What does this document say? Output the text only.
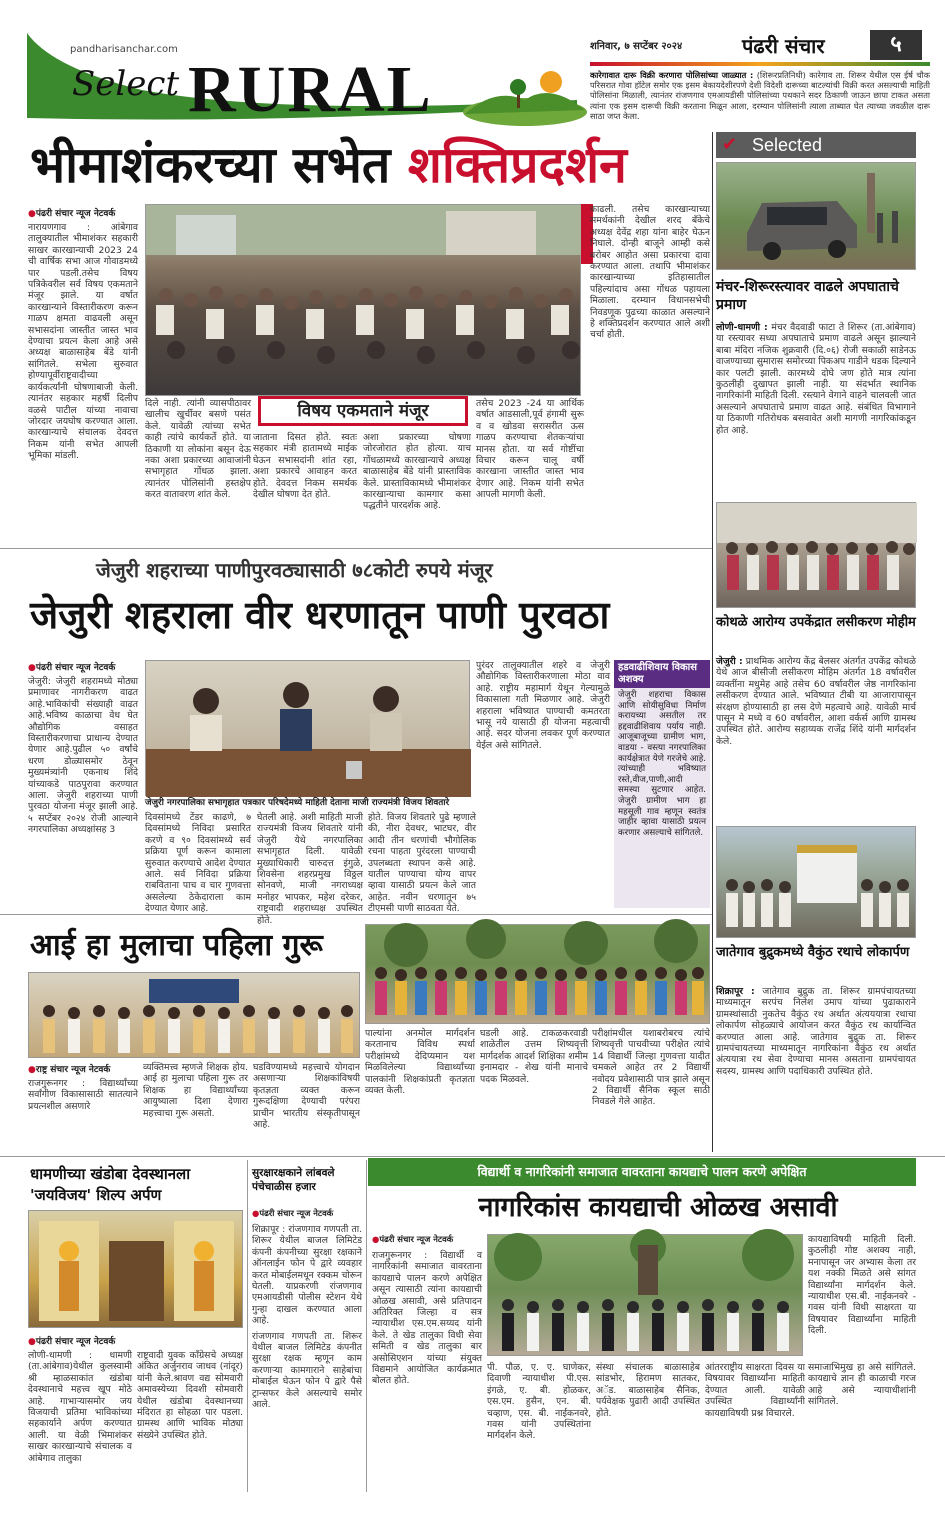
pandharisanchar.com
Select RURAL
शनिवार, ७ सप्टेंबर २०२४	पंढरी संचार	५
कारेगावात दारू विक्री करणारा पोलिसांच्या जाळ्यात : (शिरूरप्रतिनिधी) कारेगाव ता. शिरूर येथील एस ईर्ष चौक परिसरात गोवा हॉटेल समोर एक इसम बेकायदेशीरपणे देशी विदेशी दारूच्या बाटल्यांची विक्री करत असल्याची माहिती पोलिसांना मिळाली, त्यानंतर रांजणगाव एमआयडीसी पोलिसांच्या पथकाने सदर ठिकाणी जाऊन छापा टाकत असता त्यांना एक इसम दारूची विक्री करताना मिळून आला, दरम्यान पोलिसांनी त्याला ताब्यात घेत त्याच्या जवळील दारू साठा जप्त केला.
भीमाशंकरच्या सभेत शक्तिप्रदर्शन
● पंढरी संचार न्यूज नेटवर्क
नारायणगाव : आंबेगाव तालुक्यातील भीमाशंकर सहकारी साखर कारखान्याची 2023 24 ची वार्षिक सभा आज गोवाडमध्ये पार पडली.तसेच विषय पत्रिकेवरील सर्व विषय एकमताने मंजूर झाले. या वर्षात कारखान्याने विस्तारीकरण करून गाळप क्षमता वाढवली असून सभासदांना जास्तीत जास्त भाव देण्याचा प्रयत्न केला आहे असे अध्यक्ष बाळासाहेब बेंडे यांनी सांगितले. सभेला सुरुवात होण्यापूर्वीराष्ट्रवादीच्या कार्यकर्त्यांनी घोषणाबाजी केली. त्यानंतर सहकार महर्षी दिलीप वळसे पाटील यांच्या नावाचा जोरदार जयघोष करण्यात आला. कारखान्याचे संचालक देवदत्त निकम यांनी सभेत आपली भूमिका मांडली.
विषय एकमताने मंजूर
दिले नाही. त्यांनी व्यासपीठावर खालीच खुर्चीवर बसणे पसंत केले. यावेळी त्यांच्या सभेत काही त्यांचे कार्यकर्ते होते. या ठिकाणी या लोकांना बसून देऊ नका अशा प्रकारच्या आवाजांनी सभागृहात गोंधळ झाला. त्यानंतर पोलिसांनी हस्तक्षेप करत वातावरण शांत केले.
जाताना दिसत होते. स्वतः सहकार मंत्री हातामध्ये माईक घेऊन सभासदांनी शांत रहा, अशा प्रकारचे आवाहन करत होते. देवदत्त निकम समर्थक देखील घोषणा देत होते.
अशा प्रकारच्या घोषणा जोरजोरात होत होत्या. याच गोंधळामध्ये कारखान्याचे अध्यक्ष बाळासाहेब बेंडे यांनी प्रास्ताविक केले. प्रास्ताविकामध्ये भीमाशंकर कारखान्याचा कामगार कसा पद्धतीने पारदर्शक आहे.
तसेच 2023 -24 या आर्थिक वर्षात आडसाली,पूर्व हंगामी सुरू व व खोडवा सरासरीत ऊस गाळप करण्याचा शेतकऱ्यांचा मानस होता. या सर्व गोष्टींचा विचार करून चालू वर्षी कारखाना जास्तीत जास्त भाव देणार आहे. निकम यांनी सभेत आपली मागणी केली.
काढली. तसेच कारखान्याच्या समर्थकांनी देखील शरद बँकेचे अध्यक्ष देवेंद्र शहा यांना बाहेर घेऊन निघाले. दोन्ही बाजूने आम्ही कसे बरोबर आहोत असा प्रकारचा दावा करण्यात आला. तथापि भीमाशंकर कारखान्याच्या इतिहासातील पहिल्यांदाच असा गोंधळ पहायला मिळाला. दरम्यान विधानसभेची निवडणूक पुढच्या काळात असल्याने हे शक्तिप्रदर्शन करण्यात आले अशी चर्चा होती.
✔ Selected
मंचर-शिरूरस्त्यावर वाढले अपघाताचे प्रमाण
लोणी-धामणी : मंचर वैदवाडी फाटा ते शिरूर (ता.आंबेगाव) या रस्त्यावर सध्या अपघाताचे प्रमाण वाढले असून झाल्याने बाबा मंदिरा नजिक शुक्रवारी (दि.०६) रोजी सकाळी साडेनऊ वाजण्याच्या सुमारास समोरच्या पिकअप गाडीने धडक दिल्याने कार पलटी झाली. कारमध्ये दोघे जण होते मात्र त्यांना कुठलीही दुखापत झाली नाही. या संदर्भात स्थानिक नागरिकांनी माहिती दिली. रस्त्याने वेगाने वाहने चालवली जात असल्याने अपघाताचे प्रमाण वाढत आहे. संबंधित विभागाने या ठिकाणी गतिरोधक बसवावेत अशी मागणी नागरिकांकडून होत आहे.
कोथळे आरोग्य उपकेंद्रात लसीकरण मोहीम
जेजुरी : प्राथमिक आरोग्य केंद्र बेलसर अंतर्गत उपकेंद्र कोथळे येथे आज बीसीजी लसीकरण मोहिम अंतर्गत 18 वर्षावरील व्यक्तींना मधुमेह आहे तसेच 60 वर्षावरील जेष्ठ नागरिकांना लसीकरण देण्यात आले. भविष्यात टीबी या आजारापासून संरक्षण होण्यासाठी हा लस देणे महत्वाचे आहे. यावेळी मार्च पासून मे मध्ये व 60 वर्षावरील, आशा वर्कर्स आणि ग्रामस्थ उपस्थित होते. आरोग्य सहाय्यक राजेंद्र शिंदे यांनी मार्गदर्शन केले.
जातेगाव बुद्रुकमध्ये वैकुंठ रथाचे लोकार्पण
शिक्रापूर : जातेगाव बुद्रुक ता. शिरूर ग्रामपंचायतच्या माध्यमातून सरपंच निलेश उमाप यांच्या पुढाकाराने ग्रामस्थांसाठी नुकतेच वैकुंठ रथ अर्थात अंत्यययात्रा रथाचा लोकार्पण सोहळ्याचे आयोजन करत वैकुंठ रथ कार्यान्वित करण्यात आला आहे. जातेगाव बुद्रुक ता. शिरूर ग्रामपंचायतच्या माध्यमातून नागरिकांना वैकुंठ रथ अर्थात अंत्ययात्रा रथ सेवा देण्याचा मानस असताना ग्रामपंचायत सदस्य, ग्रामस्थ आणि पदाधिकारी उपस्थित होते.
जेजुरी शहराच्या पाणीपुरवठ्यासाठी ७८कोटी रुपये मंजूर
जेजुरी शहराला वीर धरणातून पाणी पुरवठा
● पंढरी संचार न्यूज नेटवर्क
जेजुरी: जेजुरी शहरामध्ये मोठ्या प्रमाणावर नागरीकरण वाढत आहे.भाविकांची संख्याही वाढत आहे.भविष्य काळाचा वेध घेत औद्योगिक वसाहत विस्तारीकरणाचा प्राधान्य देण्यात येणार आहे.पुढील ५० वर्षांचे धरण डोळ्यासमोर ठेवून मुख्यमंत्र्यांनी एकनाथ शिंदे यांच्याकडे पाठपुरावा करण्यात आला. जेजुरी शहराच्या पाणी पुरवठा योजना मंजूर झाली आहे. ५ सप्टेंबर २०२४ रोजी आल्याने नगरपालिका अध्यक्षांसह 3
जेजुरी नगरपालिका सभागृहात पत्रकार परिषदेमध्ये माहिती देताना माजी राज्यमंत्री विजय शिवतारे
दिवसांमध्ये टेंडर काढणे, ७ दिवसांमध्ये निविदा प्रसारित करणे व ९० दिवसांमध्ये सर्व प्रक्रिया पूर्ण करून कामाला सुरुवात करण्याचे आदेश देण्यात आले. सर्व निविदा प्रक्रिया राबविताना पाच व चार गुणवत्ता असलेल्या ठेकेदाराला काम देण्यात येणार आहे.
घेतली आहे. अशी माहिती माजी राज्यमंत्री विजय शिवतारे यांनी जेजुरी येथे नगरपालिका सभागृहात दिली. यावेळी मुख्याधिकारी चारुदत्त इंगुळे, शिवसेना शहरप्रमुख विठ्ठल सोनवणे, माजी नगराध्यक्ष मनोहर भापकर, महेश दरेकर, राष्ट्रवादी शहराध्यक्ष उपस्थित होते.
होते. विजय शिवतारे पुढे म्हणाले की, नीरा देवधर, भाटघर, वीर आदी तीन धरणांची भौगोलिक रचना पाहता पुरंदरला पाण्याची उपलब्धता स्थापन कसे आहे. यातील पाण्याचा योग्य वापर व्हावा यासाठी प्रयत्न केले जात आहेत. नवीन धरणातून ७५ टीएमसी पाणी साठवता येते.
पुरंदर तालुक्यातील शहरे व जेजुरी औद्योगिक विस्तारीकरणाला मोठा वाव आहे. राष्ट्रीय महामार्ग येथून गेल्यामुळे विकासाला गती मिळणार आहे. जेजुरी शहराला भविष्यात पाण्याची कमतरता भासू नये यासाठी ही योजना महत्वाची आहे. सदर योजना लवकर पूर्ण करण्यात येईल असे सांगितले.
हडवाढीशिवाय विकास अशक्य
जेजुरी शहराचा विकास आणि सोयीसुविधा निर्माण करायच्या असतील तर हद्दवाढीशिवाय पर्याय नाही. आजूबाजूच्या ग्रामीण भाग, वाडया - वस्त्या नगरपालिका कार्यक्षेत्रात येणे गरजेचे आहे. त्यांच्याही भविष्यात रस्ते,वीज,पाणी,आदी समस्या सुटणार आहेत. जेजुरी ग्रामीण भाग हा महसूली गाव म्हणून स्वतंत्र जाहीर व्हावा यासाठी प्रयत्न करणार असल्याचे सांगितले.
आई हा मुलाचा पहिला गुरू
● राष्ट्र संचार न्यूज नेटवर्क
राजगुरूनगर : विद्यार्थ्यांच्या सर्वांगीण विकासासाठी सातत्याने प्रयत्नशील असणारे
व्यक्तिमत्त्व म्हणजे शिक्षक होय. आई हा मुलाचा पहिला गुरू तर शिक्षक हा विद्यार्थ्यांच्या आयुष्याला दिशा देणारा महत्त्वाचा गुरू असतो.
घडविण्यामध्ये महत्त्वाचे योगदान असणाऱ्या शिक्षकांविषयी कृतज्ञता व्यक्त करून गुरूदक्षिणा देण्याची परंपरा प्राचीन भारतीय संस्कृतीपासून आहे.
पाल्यांना अनमोल मार्गदर्शन करतानाच विविध स्पर्धा परीक्षांमध्ये देदिप्यमान यश मिळविलेल्या विद्यार्थ्यांच्या पालकांनी शिक्षकांप्रती कृतज्ञता व्यक्त केली.
घडली आहे. टाकळकरवाडी शाळेतील उत्तम शिष्यवृत्ती मार्गदर्शक आदर्श शिक्षिका शमीम इनामदार - शेख यांनी मानाचे पदक मिळवले.
परीक्षांमधील यशाबरोबरच त्यांचे शिष्यवृत्ती पाचवीच्या परीक्षेत त्यांचे 14 विद्यार्थी जिल्हा गुणवत्ता यादीत चमकले आहेत तर 2 विद्यार्थी नवोदय प्रवेशासाठी पात्र झाले असून 2 विद्यार्थी सैनिक स्कूल साठी निवडले गेले आहेत.
धामणीच्या खंडोबा देवस्थानला 'जयविजय' शिल्प अर्पण
● पंढरी संचार न्यूज नेटवर्क
लोणी-धामणी : धामणी (ता.आंबेगाव)येथील कुलस्वामी श्री म्हाळसाकांत खंडोबा देवस्थानाचे महत्त्व खूप मोठे आहे. गाभाऱ्यासमोर जय विजयाची प्रतिमा भाविकांच्या सहकार्याने अर्पण करण्यात आली. या वेळी भिमाशंकर साखर कारखान्याचे संचालक व आंबेगाव तालुका
राष्ट्रवादी युवक काँग्रेसचे अध्यक्ष अंकित अर्जुनराव जाधव (नांदूर) यांनी केले.श्रावण वद्य सोमवारी अमावस्येच्या दिवशी सोमवारी येथील खंडोबा देवस्थानच्या मंदिरात हा सोहळा पार पडला. ग्रामस्थ आणि भाविक मोठ्या संख्येने उपस्थित होते.
सुरक्षारक्षकाने लांबवले पंचेचाळीस हजार
● पंढरी संचार न्यूज नेटवर्क
शिक्रापूर : रांजणगाव गणपती ता. शिरूर येथील बाजल लिमिटेड कंपनी कंपनीच्या सुरक्षा रक्षकाने ऑनलाईन फोन पे द्वारे व्यवहार करत मोबाईलमधून रक्कम चोरून घेतली. याप्रकरणी रांजणगाव एमआयडीसी पोलीस स्टेशन येथे गुन्हा दाखल करण्यात आला आहे.
रांजणगाव गणपती ता. शिरूर येथील बाजल लिमिटेड कंपनीत सुरक्षा रक्षक म्हणून काम करणाऱ्या कामगाराने साहेबांचा मोबाईल घेऊन फोन पे द्वारे पैसे ट्रान्सफर केले असल्याचे समोर आले.
विद्यार्थी व नागरिकांनी समाजात वावरताना कायद्याचे पालन करणे अपेक्षित
नागरिकांस कायद्याची ओळख असावी
● पंढरी संचार न्यूज नेटवर्क
राजगुरूनगर : विद्यार्थी व नागरिकांनी समाजात वावरताना कायद्याचे पालन करणे अपेक्षित असून त्यासाठी त्यांना कायद्याची ओळख असावी, असे प्रतिपादन अतिरिक्त जिल्हा व सत्र न्यायाधीश एस.एम.सय्यद यांनी केले. ते खेड तालुका विधी सेवा समिती व खेड तालुका बार असोसिएशन यांच्या संयुक्त विद्यमाने आयोजित कार्यक्रमात बोलत होते.
कायद्याविषयी माहिती दिली. कुठलीही गोष्ट अशक्य नाही, मनापासून जर अभ्यास केला तर यश नक्की मिळते असे सांगत विद्यार्थ्यांना मार्गदर्शन केले. न्यायाधीश एस.बी. नाईकनवरे - गवस यांनी विधी साक्षरता या विषयावर विद्यार्थ्यांना माहिती दिली.
पी. पौळ, ए. ए. घाणेकर, दिवाणी न्यायाधीश पी.एस. इंगळे, ए. बी. होळकर, एस.एम. हुसैन, एन. बी. चव्हाण, एस. बी. नाईकनवरे, गवस यांनी उपस्थितांना मार्गदर्शन केले.
संस्था संचालक बाळासाहेब सांडभोर, हिरामण सातकर, अॅड. बाळासाहेब सैनिक, पर्यवेक्षक पुढारी आदी उपस्थित होते.
आंतरराष्ट्रीय साक्षरता दिवस या विषयावर विद्यार्थ्यांना माहिती देण्यात आली. यावेळी उपस्थित विद्यार्थ्यांनी कायद्याविषयी प्रश्न विचारले.
समाजाभिमुख हा असे सांगितले. कायद्याचे ज्ञान ही काळाची गरज आहे असे न्यायाधीशांनी सांगितले.
